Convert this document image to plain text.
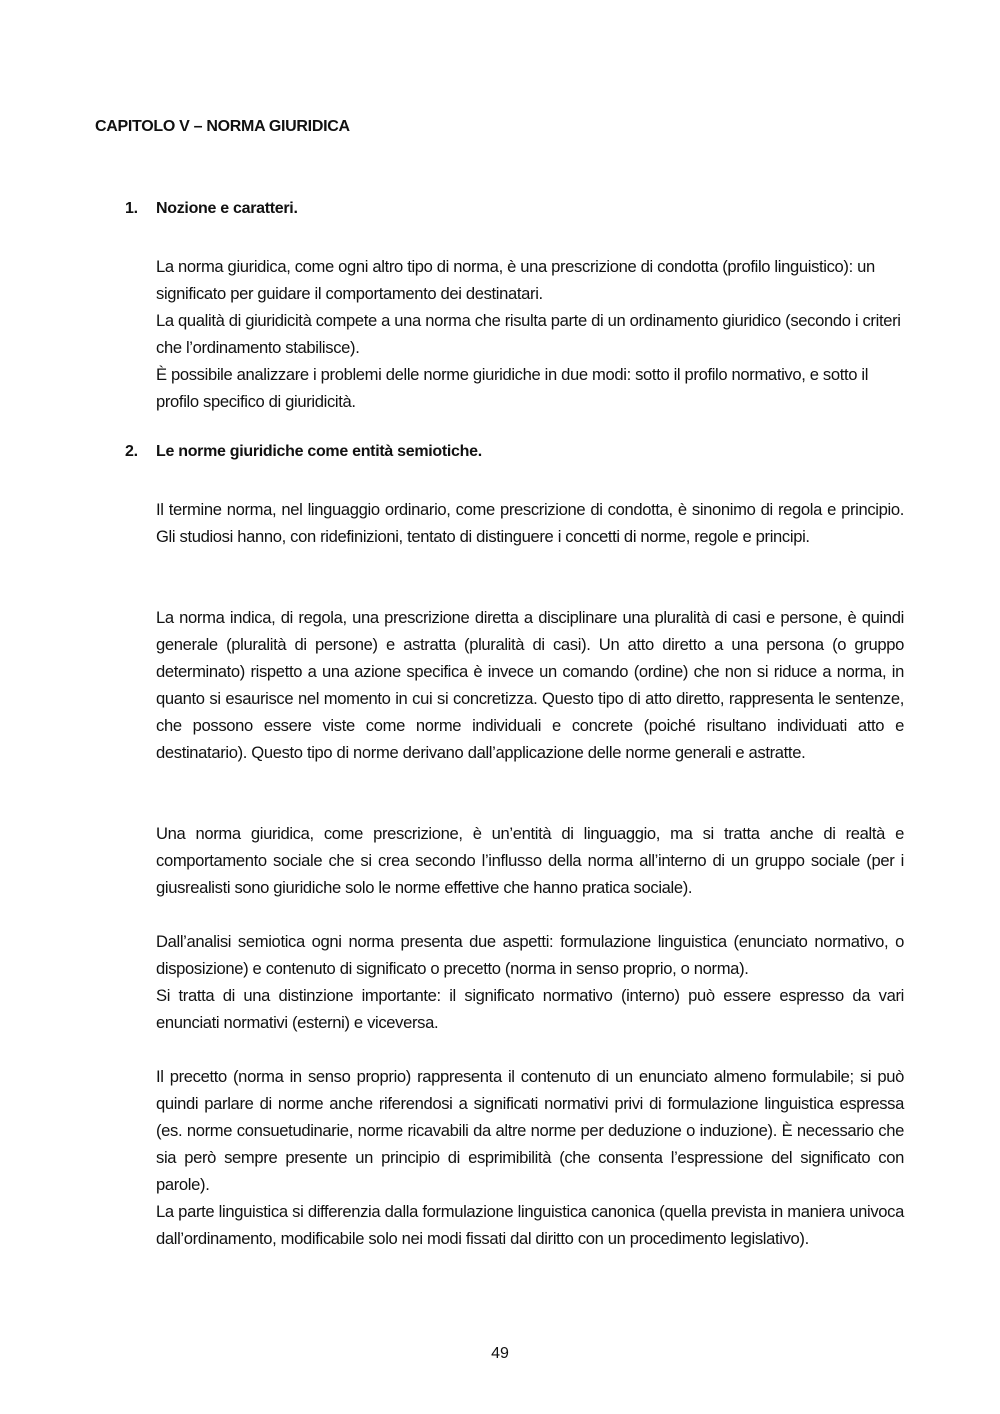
CAPITOLO V – NORMA GIURIDICA
1. Nozione e caratteri.

La norma giuridica, come ogni altro tipo di norma, è una prescrizione di condotta (profilo linguistico): un significato per guidare il comportamento dei destinatari.

La qualità di giuridicità compete a una norma che risulta parte di un ordinamento giuridico (secondo i criteri che l’ordinamento stabilisce).

È possibile analizzare i problemi delle norme giuridiche in due modi: sotto il profilo normativo, e sotto il profilo specifico di giuridicità.

2. Le norme giuridiche come entità semiotiche.

Il termine norma, nel linguaggio ordinario, come prescrizione di condotta, è sinonimo di regola e principio. Gli studiosi hanno, con ridefinizioni, tentato di distinguere i concetti di norme, regole e principi.

La norma indica, di regola, una prescrizione diretta a disciplinare una pluralità di casi e persone, è quindi generale (pluralità di persone) e astratta (pluralità di casi). Un atto diretto a una persona (o gruppo determinato) rispetto a una azione specifica è invece un comando (ordine) che non si riduce a norma, in quanto si esaurisce nel momento in cui si concretizza. Questo tipo di atto diretto, rappresenta le sentenze, che possono essere viste come norme individuali e concrete (poiché risultano individuati atto e destinatario). Questo tipo di norme derivano dall’applicazione delle norme generali e astratte.

Una norma giuridica, come prescrizione, è un’entità di linguaggio, ma si tratta anche di realtà e comportamento sociale che si crea secondo l’influsso della norma all’interno di un gruppo sociale (per i giusrealisti sono giuridiche solo le norme effettive che hanno pratica sociale).

Dall’analisi semiotica ogni norma presenta due aspetti: formulazione linguistica (enunciato normativo, o disposizione) e contenuto di significato o precetto (norma in senso proprio, o norma).

Si tratta di una distinzione importante: il significato normativo (interno) può essere espresso da vari enunciati normativi (esterni) e viceversa.

Il precetto (norma in senso proprio) rappresenta il contenuto di un enunciato almeno formulabile; si può quindi parlare di norme anche riferendosi a significati normativi privi di formulazione linguistica espressa (es. norme consuetudinarie, norme ricavabili da altre norme per deduzione o induzione). È necessario che sia però sempre presente un principio di esprimibilità (che consenta l’espressione del significato con parole).

La parte linguistica si differenzia dalla formulazione linguistica canonica (quella prevista in maniera univoca dall’ordinamento, modificabile solo nei modi fissati dal diritto con un procedimento legislativo).

49
